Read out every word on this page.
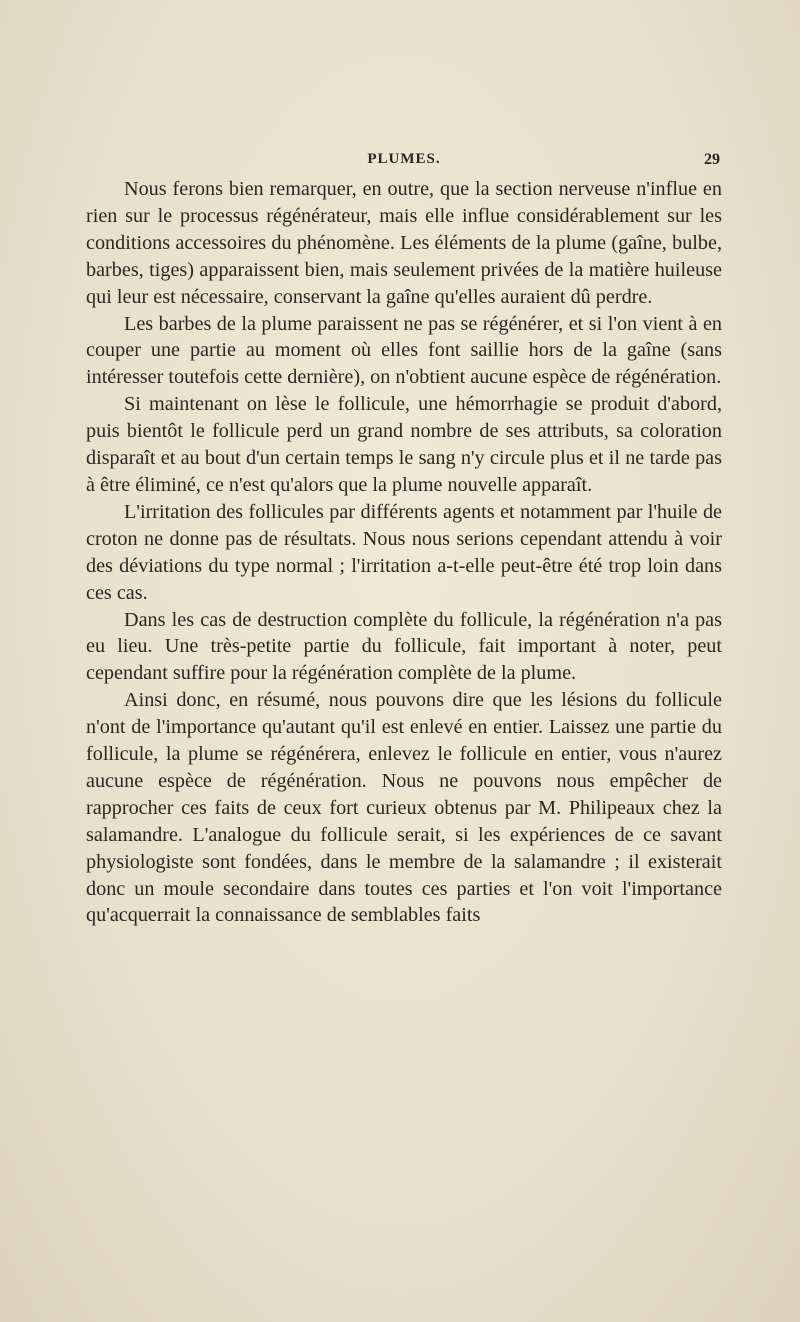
PLUMES.	29

Nous ferons bien remarquer, en outre, que la section nerveuse n'influe en rien sur le processus régénérateur, mais elle influe considérablement sur les conditions accessoires du phénomène. Les éléments de la plume (gaîne, bulbe, barbes, tiges) apparaissent bien, mais seulement privées de la matière huileuse qui leur est nécessaire, conservant la gaîne qu'elles auraient dû perdre.

Les barbes de la plume paraissent ne pas se régénérer, et si l'on vient à en couper une partie au moment où elles font saillie hors de la gaîne (sans intéresser toutefois cette dernière), on n'obtient aucune espèce de régénération.

Si maintenant on lèse le follicule, une hémorrhagie se produit d'abord, puis bientôt le follicule perd un grand nombre de ses attributs, sa coloration disparaît et au bout d'un certain temps le sang n'y circule plus et il ne tarde pas à être éliminé, ce n'est qu'alors que la plume nouvelle apparaît.

L'irritation des follicules par différents agents et notamment par l'huile de croton ne donne pas de résultats. Nous nous serions cependant attendu à voir des déviations du type normal ; l'irritation a-t-elle peut-être été trop loin dans ces cas.

Dans les cas de destruction complète du follicule, la régénération n'a pas eu lieu. Une très-petite partie du follicule, fait important à noter, peut cependant suffire pour la régénération complète de la plume.

Ainsi donc, en résumé, nous pouvons dire que les lésions du follicule n'ont de l'importance qu'autant qu'il est enlevé en entier. Laissez une partie du follicule, la plume se régénérera, enlevez le follicule en entier, vous n'aurez aucune espèce de régénération. Nous ne pouvons nous empêcher de rapprocher ces faits de ceux fort curieux obtenus par M. Philipeaux chez la salamandre. L'analogue du follicule serait, si les expériences de ce savant physiologiste sont fondées, dans le membre de la salamandre ; il existerait donc un moule secondaire dans toutes ces parties et l'on voit l'importance qu'acquerrait la connaissance de semblables faits
